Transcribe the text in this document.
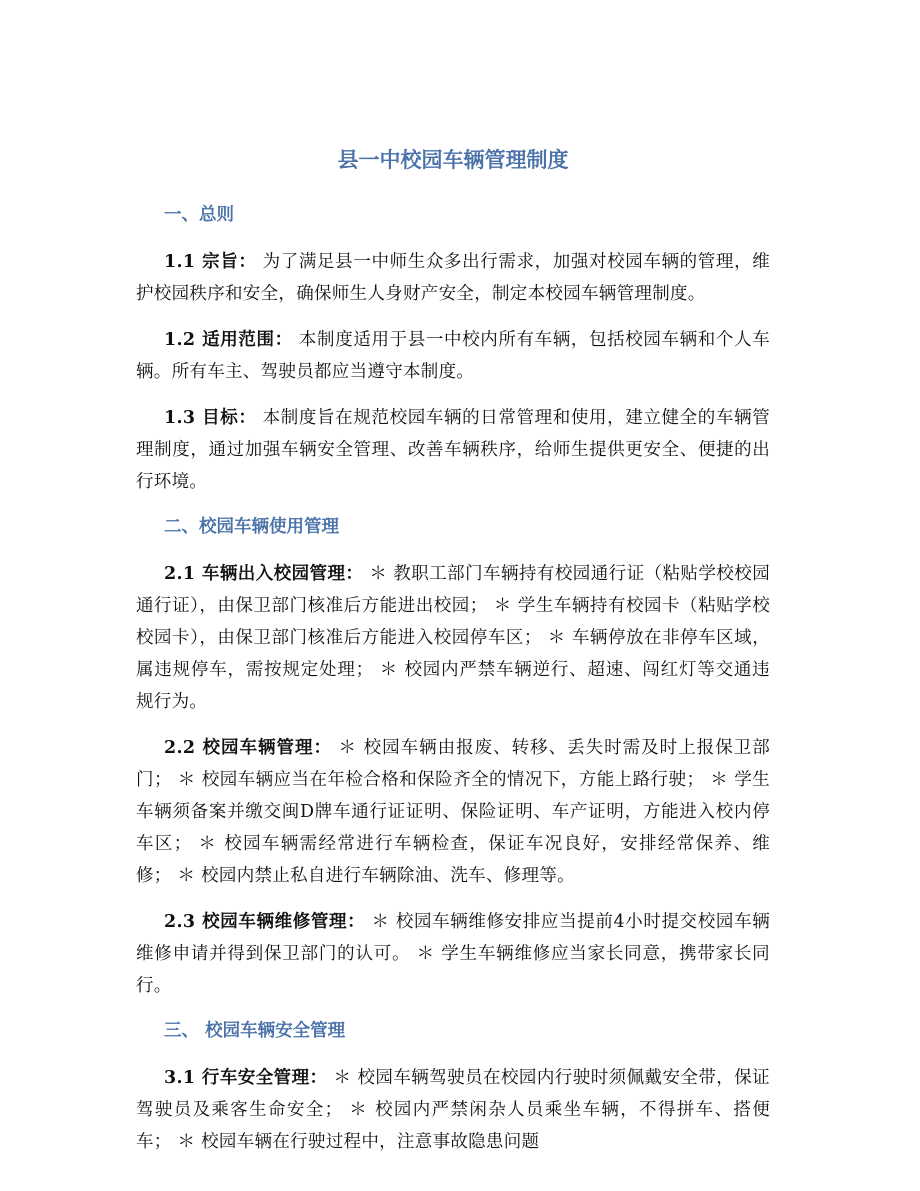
县一中校园车辆管理制度
一、总则

1.1 宗旨： 为了满足县一中师生众多出行需求，加强对校园车辆的管理，维护校园秩序和安全，确保师生人身财产安全，制定本校园车辆管理制度。

1.2 适用范围： 本制度适用于县一中校内所有车辆，包括校园车辆和个人车辆。所有车主、驾驶员都应当遵守本制度。

1.3 目标： 本制度旨在规范校园车辆的日常管理和使用，建立健全的车辆管理制度，通过加强车辆安全管理、改善车辆秩序，给师生提供更安全、便捷的出行环境。

二、校园车辆使用管理

2.1 车辆出入校园管理： ＊ 教职工部门车辆持有校园通行证（粘贴学校校园通行证），由保卫部门核准后方能进出校园； ＊ 学生车辆持有校园卡（粘贴学校校园卡），由保卫部门核准后方能进入校园停车区； ＊ 车辆停放在非停车区域，属违规停车，需按规定处理； ＊ 校园内严禁车辆逆行、超速、闯红灯等交通违规行为。

2.2 校园车辆管理： ＊ 校园车辆由报废、转移、丢失时需及时上报保卫部门； ＊ 校园车辆应当在年检合格和保险齐全的情况下，方能上路行驶； ＊ 学生车辆须备案并缴交闽D牌车通行证证明、保险证明、车产证明，方能进入校内停车区； ＊ 校园车辆需经常进行车辆检查，保证车况良好，安排经常保养、维修； ＊ 校园内禁止私自进行车辆除油、洗车、修理等。

2.3 校园车辆维修管理： ＊ 校园车辆维修安排应当提前4小时提交校园车辆维修申请并得到保卫部门的认可。 ＊ 学生车辆维修应当家长同意，携带家长同行。

三、 校园车辆安全管理

3.1 行车安全管理： ＊ 校园车辆驾驶员在校园内行驶时须佩戴安全带，保证驾驶员及乘客生命安全； ＊ 校园内严禁闲杂人员乘坐车辆，不得拼车、搭便车； ＊ 校园车辆在行驶过程中，注意事故隐患问题
